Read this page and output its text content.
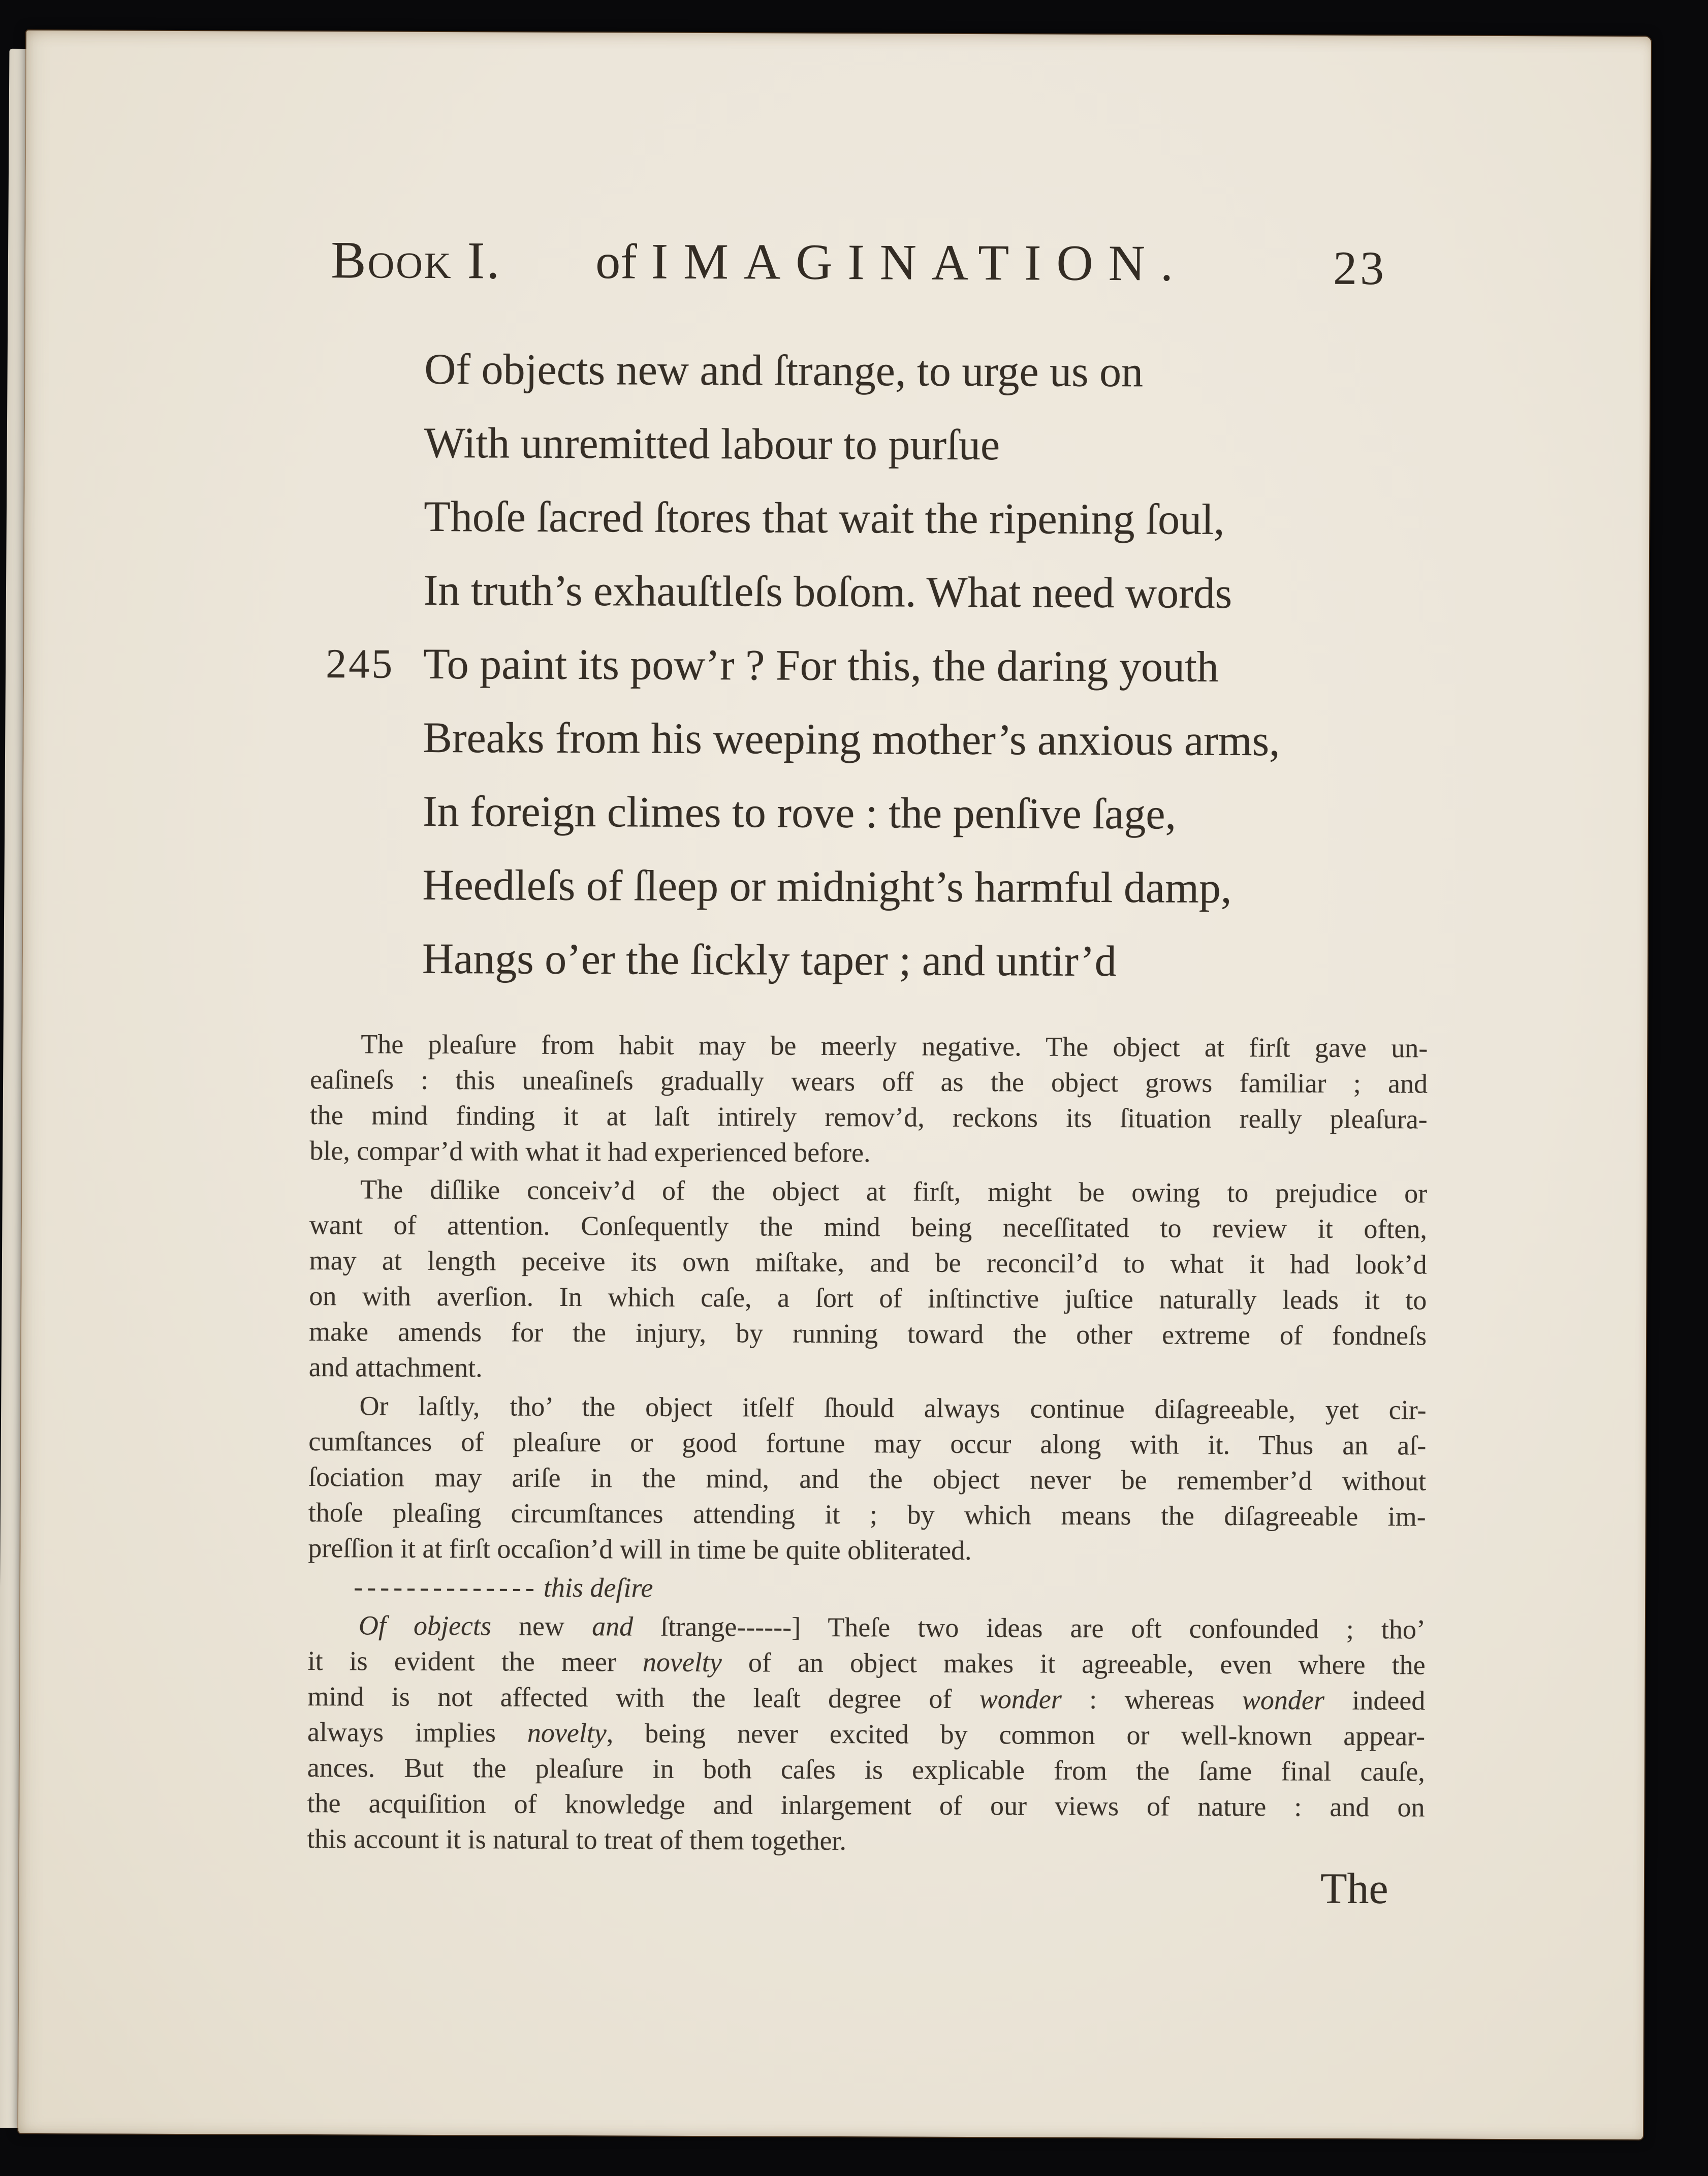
Book I. of IMAGINATION.	23
Of objects new and ſtrange, to urge us on
With unremitted labour to purſue
Thoſe ſacred ſtores that wait the ripening ſoul,
In truth’s exhauſtleſs boſom. What need words
245 To paint its pow’r ? For this, the daring youth
Breaks from his weeping mother’s anxious arms,
In foreign climes to rove : the penſive ſage,
Heedleſs of ſleep or midnight’s harmful damp,
Hangs o’er the ſickly taper ; and untir’d
The pleaſure from habit may be meerly negative. The object at firſt gave un-
eaſineſs : this uneaſineſs gradually wears off as the object grows familiar ; and
the mind finding it at laſt intirely remov’d, reckons its ſituation really pleaſura-
ble, compar’d with what it had experienced before.
The diſlike conceiv’d of the object at firſt, might be owing to prejudice or
want of attention. Conſequently the mind being neceſſitated to review it often,
may at length peceive its own miſtake, and be reconcil’d to what it had look’d
on with averſion. In which caſe, a ſort of inſtinctive juſtice naturally leads it to
make amends for the injury, by running toward the other extreme of fondneſs
and attachment.
Or laſtly, tho’ the object itſelf ſhould always continue diſagreeable, yet cir-
cumſtances of pleaſure or good fortune may occur along with it. Thus an aſ-
ſociation may ariſe in the mind, and the object never be remember’d without
thoſe pleaſing circumſtances attending it ; by which means the diſagreeable im-
preſſion it at firſt occaſion’d will in time be quite obliterated.
-------------- this deſire
Of objects new and ſtrange------] Theſe two ideas are oft confounded ; tho’
it is evident the meer novelty of an object makes it agreeable, even where the
mind is not affected with the leaſt degree of wonder : whereas wonder indeed
always implies novelty, being never excited by common or well-known appear-
ances. But the pleaſure in both caſes is explicable from the ſame final cauſe,
the acquiſition of knowledge and inlargement of our views of nature : and on
this account it is natural to treat of them together.
The
